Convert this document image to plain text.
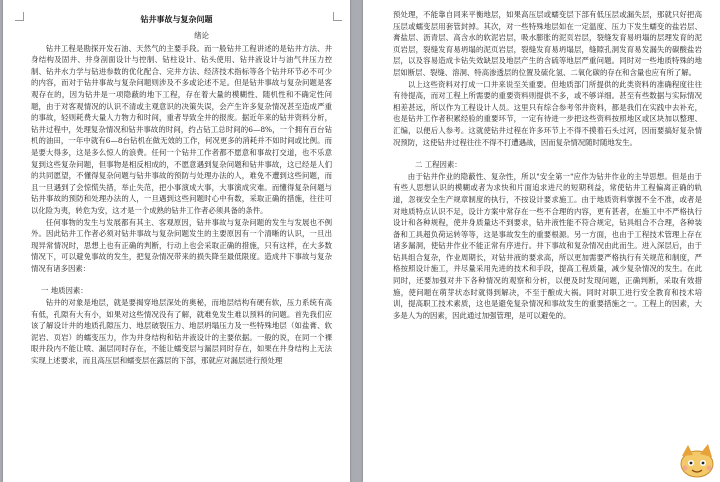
钻井事故与复杂问题
绪论

钻井工程是勘探开发石油、天然气的主要手段。而一般钻井工程讲述的是钻井方法、井身结构及固井、井身剖面设计与控制、钻柱设计、钻头使用、钻井液设计与油气井压力控制、钻井水力学与钻进参数的优化配合、完井方法、经济技术指标等各个钻井环节必不可少的内容，而对于钻井事故与复杂问题则涉及不多或论述不足。但是钻井事故与复杂问题是客观存在的，因为钻井是一项隐蔽的地下工程，存在着大量的模糊性、随机性和不确定性问题，由于对客观情况的认识不清或主观意识的决策失误，会产生许多复杂情况甚至造成严重的事故，轻则耗费大量人力物力和时间，重者导致全井的报废。据近年来的钻井资料分析，钻井过程中，处理复杂情况和钻井事故的时间，约占钻工总时间的6—8%，一个拥有百台钻机的油田，一年中就有6—8台钻机在做无效的工作，何况更多的消耗并不如时间或比例。而是要大得多，这是多么惊人的浪费。任何一个钻井工作者都不愿意和事故打交道，也不乐意复到这些复杂问题，但事物是相反相成的，不愿意遇到复杂问题和钻井事故，这已经是人们的共同愿望，不懂得复杂问题与钻井事故的预防与处理办法的人，难免不遭到这些问题，而且一旦遇到了会惊慌失措，举止失范，把小事演成大事，大事演成灾难。而懂得复杂问题与钻井事故的预防和处理办法的人，一旦遇到这些问题时心中有数，采取正确的措施，往往可以化险为夷，转危为安，这才是一个成熟的钻井工作者必须具备的条件。

任何事物的发生与发展都有其主、客观原因，钻井事故与复杂问题的发生与发展也不例外。因此钻井工作者必须对钻井事故与复杂问题发生的主要原因有一个清晰的认识，一旦出现异常情况时，思想上也有正确的判断，行动上也会采取正确的措施，只有这样，在大多数情况下，可以避免事故的发生，把复杂情况带来的损失降至最低限度。造成井下事故与复杂情况有诸多因素：

一 地质因素：

钻井的对象是地层，就是要揭穿地层深处的奥秘，而地层结构有硬有软，压力系统有高有低，孔隙有大有小，如果对这些情况没有了解，就难免发生难以预料的问题。首先我们应该了解设计井的地质孔隙压力、地层破裂压力、地层坍塌压力及一些特殊地层（如盐膏、软泥岩、页岩）的蠕变压力，作为井身结构和钻井液设计的主要依据。一般的说，在同一个裸眼井段内不能让喷、漏层同时存在，不能让蠕变层与漏层同时存在，如果在井身结构上无法实现上述要求，而且高压层和蠕变层在露层的下部，那就应对漏层进行预处理

预处理，不能靠自同来平衡地层，如果高压层或蠕变层下部有低压层或漏失层，那就只好把高压层或蠕变层用套管封掉。其次，对一些特殊地层如在一定温度、压力下发生蠕变的盐岩层、膏盐层、沥青层、高含水的软泥岩层，吸水膨胀的泥页岩层，裂缝发育易坍塌的层理发育的泥页岩层，裂缝发育易坍塌的泥页岩层，裂缝发育易坍塌层，缝隙孔洞发育易发漏失的碳酸盐岩层，以及容易造成卡钻失效缺层及地层产生的含硫等地层严重问题。同时对一些地质特殊的地层如断层、裂缝、溶洞、特高渗透层的位置及硫化氢、二氧化碳的存在和含量也应有所了解。

以上这些资料对打成一口井来说至关重要。但地质部门所提供的此类资料的准确程度往往有待提高，而对工程上所需要的重要资料则提供不多，或不够详细。甚至有些数据与实际情况相差甚远，所以作为工程设计人员。这里只有综合参考邻井资料，都是我们在实践中去补充，也是钻井工作者积累经验的重要环节，一定有待进一步把这些资料按照地区或区块加以整理、汇编，以便后人参考。这就使钻井过程在许多环节上不得不摸着石头过河，因而要搞好复杂情况预防，这使钻井过程往往不得不打遭遇战，因而复杂情况随时随地发生。

二 工程因素：

由于钻井作业的隐蔽性、复杂性，所以"安全第一"应作为钻井作业的主导思想。但是由于有些人思想认识的模糊或者为求快和片面追求进尺的短期利益，常使钻井工程偏离正确的轨道，忽视安全生产规章制度的执行，不按设计要求施工。由于地质资料掌握不全不准，或者是对地质特点认识不足，设计方案中常存在一些不合理的内容，更有甚者，在施工中不严格执行设计和各种规程，使井身质量达不到要求，钻井液性能不符合规定，钻具组合不合理，各种装备和工具超负荷运转等等，这是事故发生的重要根源。另一方面，也由于工程技术管理上存在诸多漏洞，使钻井作业不能正常有序进行。井下事故和复杂情况由此而生。进入深层后，由于钻具组合复杂，作业周期长，对钻井液的要求高，所以更加需要严格执行有关规范和制度，严格按照设计施工，并尽量采用先进的技术和手段，提高工程质量，减少复杂情况的发生。在此同时，还要加强对井下各种情况的观察和分析，以便及时发现问题，正确判断，采取有效措施，使问题在萌芽状态时就得到解决，不至于酿成大祸。同时对职工进行安全教育和技术培训，提高职工技术素质，这也是避免复杂情况和事故发生的重要措施之一。工程上的因素，大多是人为的因素，因此通过加强管理，是可以避免的。
